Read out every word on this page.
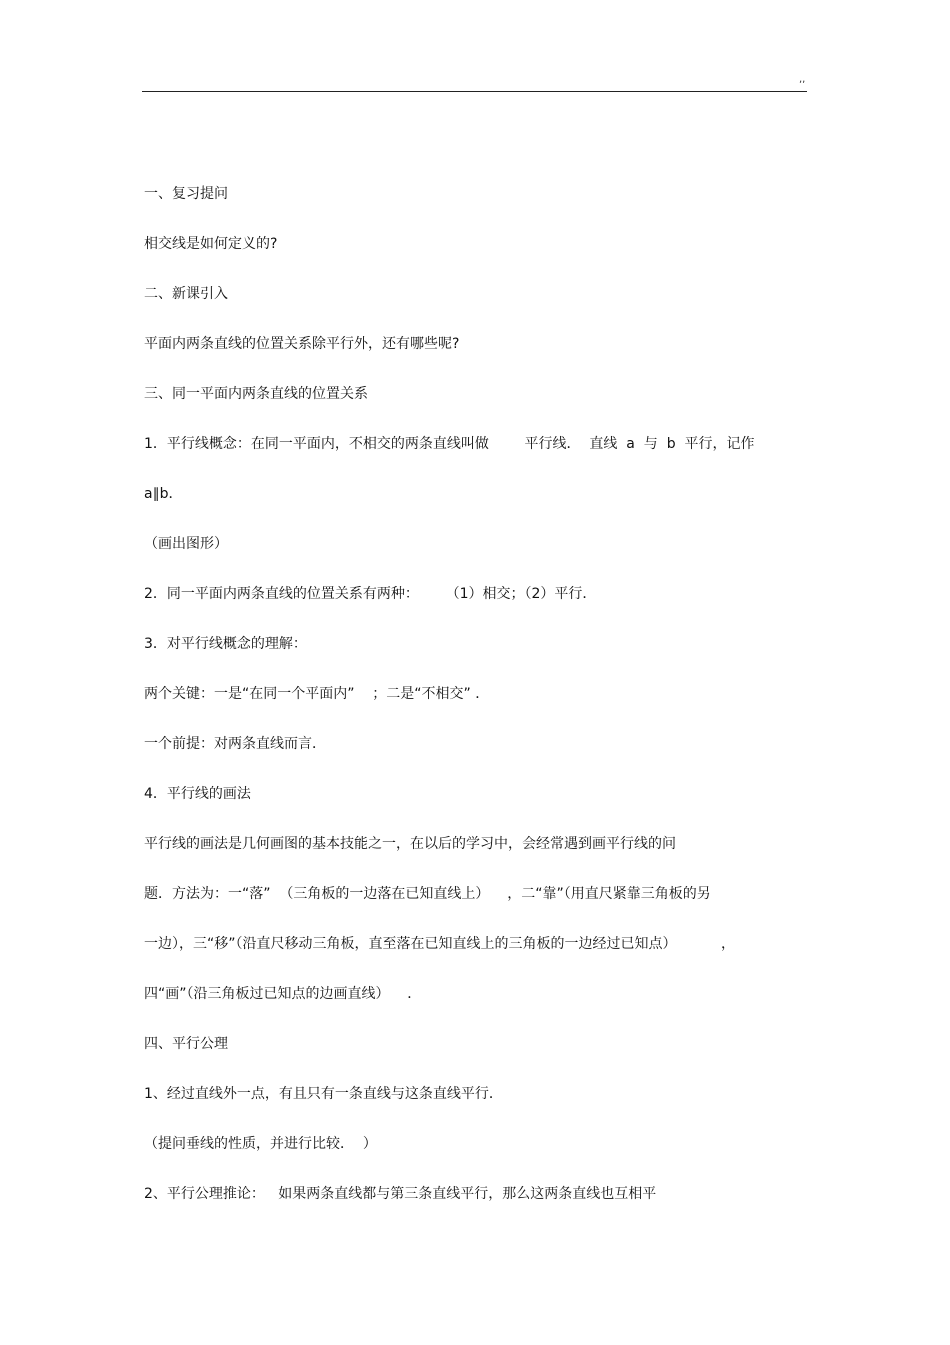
,,
一、复习提问
相交线是如何定义的?
二、新课引入
平面内两条直线的位置关系除平行外，还有哪些呢?
三、同一平面内两条直线的位置关系
1．平行线概念：在同一平面内，不相交的两条直线叫做        平行线．  直线  a  与  b  平行，记作
a∥b．
（画出图形）
2．同一平面内两条直线的位置关系有两种：      （1）相交；（2）平行．
3．对平行线概念的理解：
两个关键：一是“在同一个平面内”    ；二是“不相交” ．
一个前提：对两条直线而言．
4．平行线的画法
平行线的画法是几何画图的基本技能之一，在以后的学习中，会经常遇到画平行线的问
题．方法为：一“落”  （三角板的一边落在已知直线上）    ，二“靠”（用直尺紧靠三角板的另
一边），三“移”（沿直尺移动三角板，直至落在已知直线上的三角板的一边经过已知点）          ，
四“画”（沿三角板过已知点的边画直线）    ．
四、平行公理
1、经过直线外一点，有且只有一条直线与这条直线平行．
（提问垂线的性质，并进行比较．  ）
2、平行公理推论：   如果两条直线都与第三条直线平行，那么这两条直线也互相平
